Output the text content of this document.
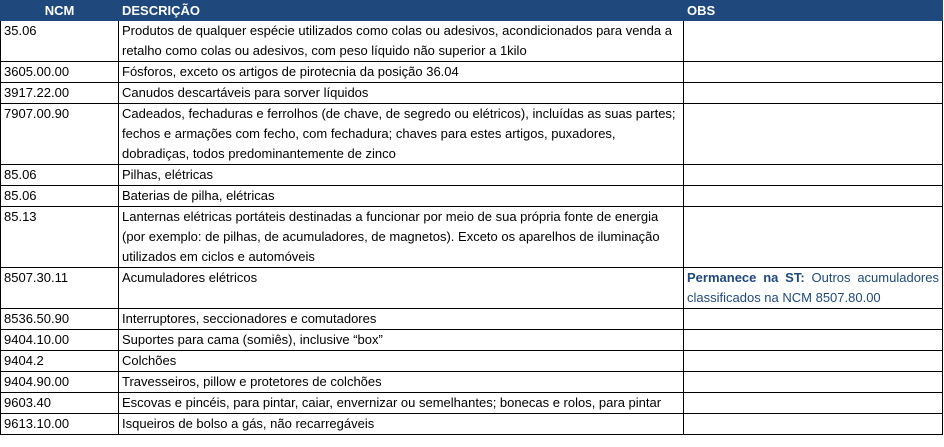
NCM	DESCRIÇÃO	OBS
35.06	Produtos de qualquer espécie utilizados como colas ou adesivos, acondicionados para venda a retalho como colas ou adesivos, com peso líquido não superior a 1kilo	
3605.00.00	Fósforos, exceto os artigos de pirotecnia da posição 36.04	
3917.22.00	Canudos descartáveis para sorver líquidos	
7907.00.90	Cadeados, fechaduras e ferrolhos (de chave, de segredo ou elétricos), incluídas as suas partes; fechos e armações com fecho, com fechadura; chaves para estes artigos, puxadores, dobradiças, todos predominantemente de zinco	
85.06	Pilhas, elétricas	
85.06	Baterias de pilha, elétricas	
85.13	Lanternas elétricas portáteis destinadas a funcionar por meio de sua própria fonte de energia (por exemplo: de pilhas, de acumuladores, de magnetos). Exceto os aparelhos de iluminação utilizados em ciclos e automóveis	
8507.30.11	Acumuladores elétricos	Permanece na ST: Outros acumuladores classificados na NCM 8507.80.00
8536.50.90	Interruptores, seccionadores e comutadores	
9404.10.00	Suportes para cama (somiês), inclusive “box”	
9404.2	Colchões	
9404.90.00	Travesseiros, pillow e protetores de colchões	
9603.40	Escovas e pincéis, para pintar, caiar, envernizar ou semelhantes; bonecas e rolos, para pintar	
9613.10.00	Isqueiros de bolso a gás, não recarregáveis	
